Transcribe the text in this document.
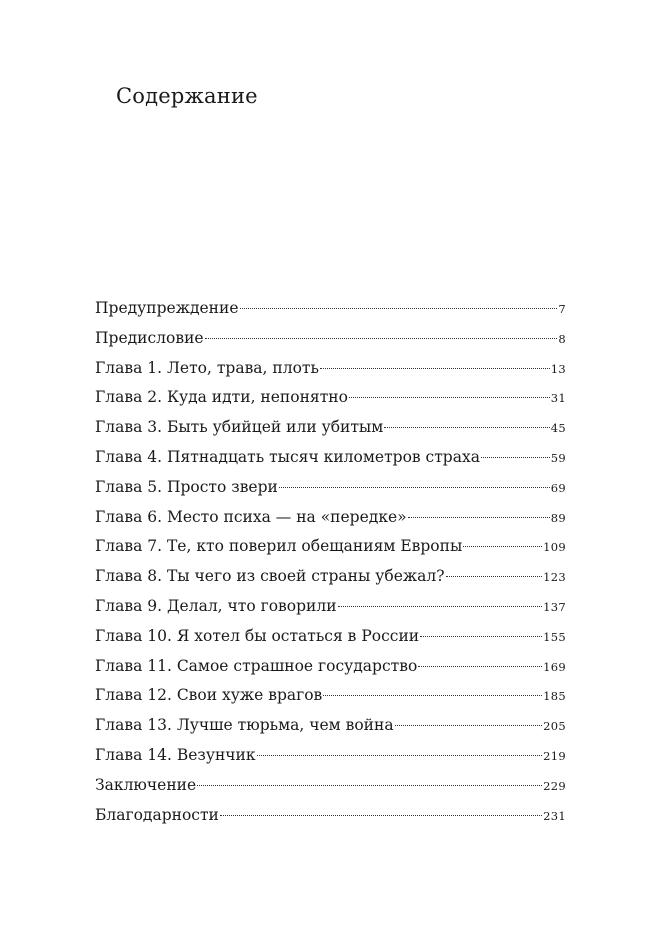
Содержание
Предупреждение	7
Предисловие	8
Глава 1. Лето, трава, плоть	13
Глава 2. Куда идти, непонятно	31
Глава 3. Быть убийцей или убитым	45
Глава 4. Пятнадцать тысяч километров страха	59
Глава 5. Просто звери	69
Глава 6. Место психа — на «передке»	89
Глава 7. Те, кто поверил обещаниям Европы	109
Глава 8. Ты чего из своей страны убежал?	123
Глава 9. Делал, что говорили	137
Глава 10. Я хотел бы остаться в России	155
Глава 11. Самое страшное государство	169
Глава 12. Свои хуже врагов	185
Глава 13. Лучше тюрьма, чем война	205
Глава 14. Везунчик	219
Заключение	229
Благодарности	231
